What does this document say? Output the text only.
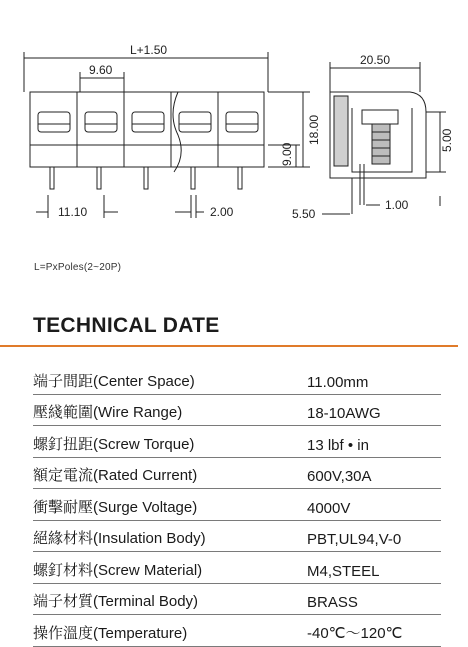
L+1.50
9.60
20.50
11.10	2.00	5.50
1.00
18.00
9.00
5.00
L=PxPoles(2~20P)
TECHNICAL DATE
端子間距(Center Space)	11.00mm
壓綫範圍(Wire Range)	18-10AWG
螺釘扭距(Screw Torque)	13 lbf • in
額定電流(Rated Current)	600V,30A
衝擊耐壓(Surge Voltage)	4000V
絕緣材料(Insulation Body)	PBT,UL94,V-0
螺釘材料(Screw Material)	M4,STEEL
端子材質(Terminal Body)	BRASS
操作溫度(Temperature)	-40℃～120℃
